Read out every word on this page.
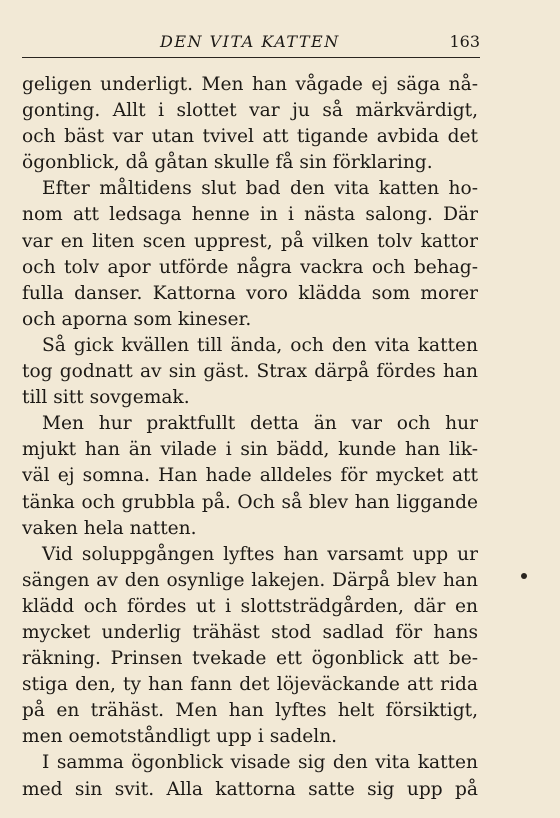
DEN VITA KATTEN	163
geligen underligt. Men han vågade ej säga nå-
gonting. Allt i slottet var ju så märkvärdigt,
och bäst var utan tvivel att tigande avbida det
ögonblick, då gåtan skulle få sin förklaring.
Efter måltidens slut bad den vita katten ho-
nom att ledsaga henne in i nästa salong. Där
var en liten scen upprest, på vilken tolv kattor
och tolv apor utförde några vackra och behag-
fulla danser. Kattorna voro klädda som morer
och aporna som kineser.
Så gick kvällen till ända, och den vita katten
tog godnatt av sin gäst. Strax därpå fördes han
till sitt sovgemak.
Men hur praktfullt detta än var och hur
mjukt han än vilade i sin bädd, kunde han lik-
väl ej somna. Han hade alldeles för mycket att
tänka och grubbla på. Och så blev han liggande
vaken hela natten.
Vid soluppgången lyftes han varsamt upp ur
sängen av den osynlige lakejen. Därpå blev han
klädd och fördes ut i slottsträdgården, där en
mycket underlig trähäst stod sadlad för hans
räkning. Prinsen tvekade ett ögonblick att be-
stiga den, ty han fann det löjeväckande att rida
på en trähäst. Men han lyftes helt försiktigt,
men oemotståndligt upp i sadeln.
I samma ögonblick visade sig den vita katten
med sin svit. Alla kattorna satte sig upp på
